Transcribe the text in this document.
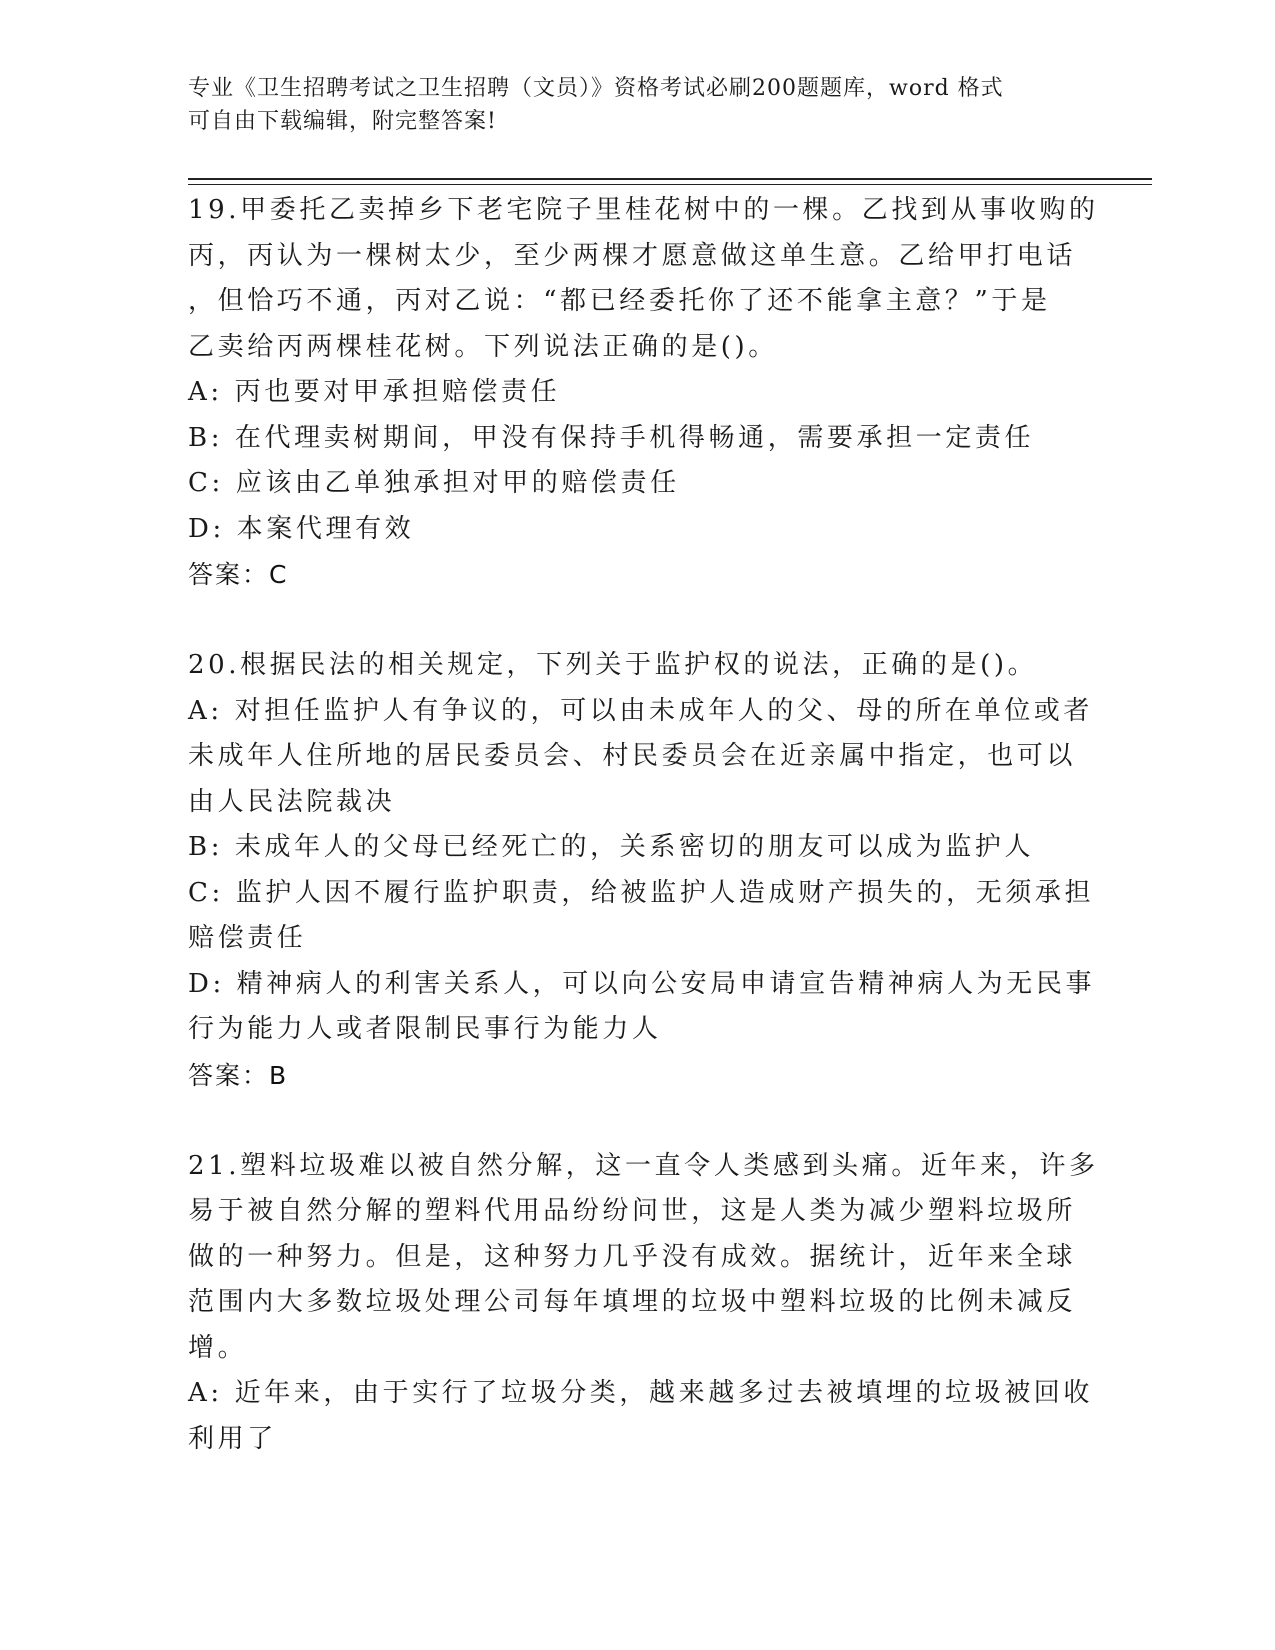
专业《卫生招聘考试之卫生招聘（文员）》资格考试必刷200题题库，word 格式
可自由下载编辑，附完整答案!
19.甲委托乙卖掉乡下老宅院子里桂花树中的一棵。乙找到从事收购的
丙，丙认为一棵树太少，至少两棵才愿意做这单生意。乙给甲打电话
，但恰巧不通，丙对乙说：“都已经委托你了还不能拿主意？”于是
乙卖给丙两棵桂花树。下列说法正确的是()。
A: 丙也要对甲承担赔偿责任
B: 在代理卖树期间，甲没有保持手机得畅通，需要承担一定责任
C: 应该由乙单独承担对甲的赔偿责任
D: 本案代理有效
答案：C
20.根据民法的相关规定，下列关于监护权的说法，正确的是()。
A: 对担任监护人有争议的，可以由未成年人的父、母的所在单位或者
未成年人住所地的居民委员会、村民委员会在近亲属中指定，也可以
由人民法院裁决
B: 未成年人的父母已经死亡的，关系密切的朋友可以成为监护人
C: 监护人因不履行监护职责，给被监护人造成财产损失的，无须承担
赔偿责任
D: 精神病人的利害关系人，可以向公安局申请宣告精神病人为无民事
行为能力人或者限制民事行为能力人
答案：B
21.塑料垃圾难以被自然分解，这一直令人类感到头痛。近年来，许多
易于被自然分解的塑料代用品纷纷问世，这是人类为减少塑料垃圾所
做的一种努力。但是，这种努力几乎没有成效。据统计，近年来全球
范围内大多数垃圾处理公司每年填埋的垃圾中塑料垃圾的比例未减反
增。
A: 近年来，由于实行了垃圾分类，越来越多过去被填埋的垃圾被回收
利用了
